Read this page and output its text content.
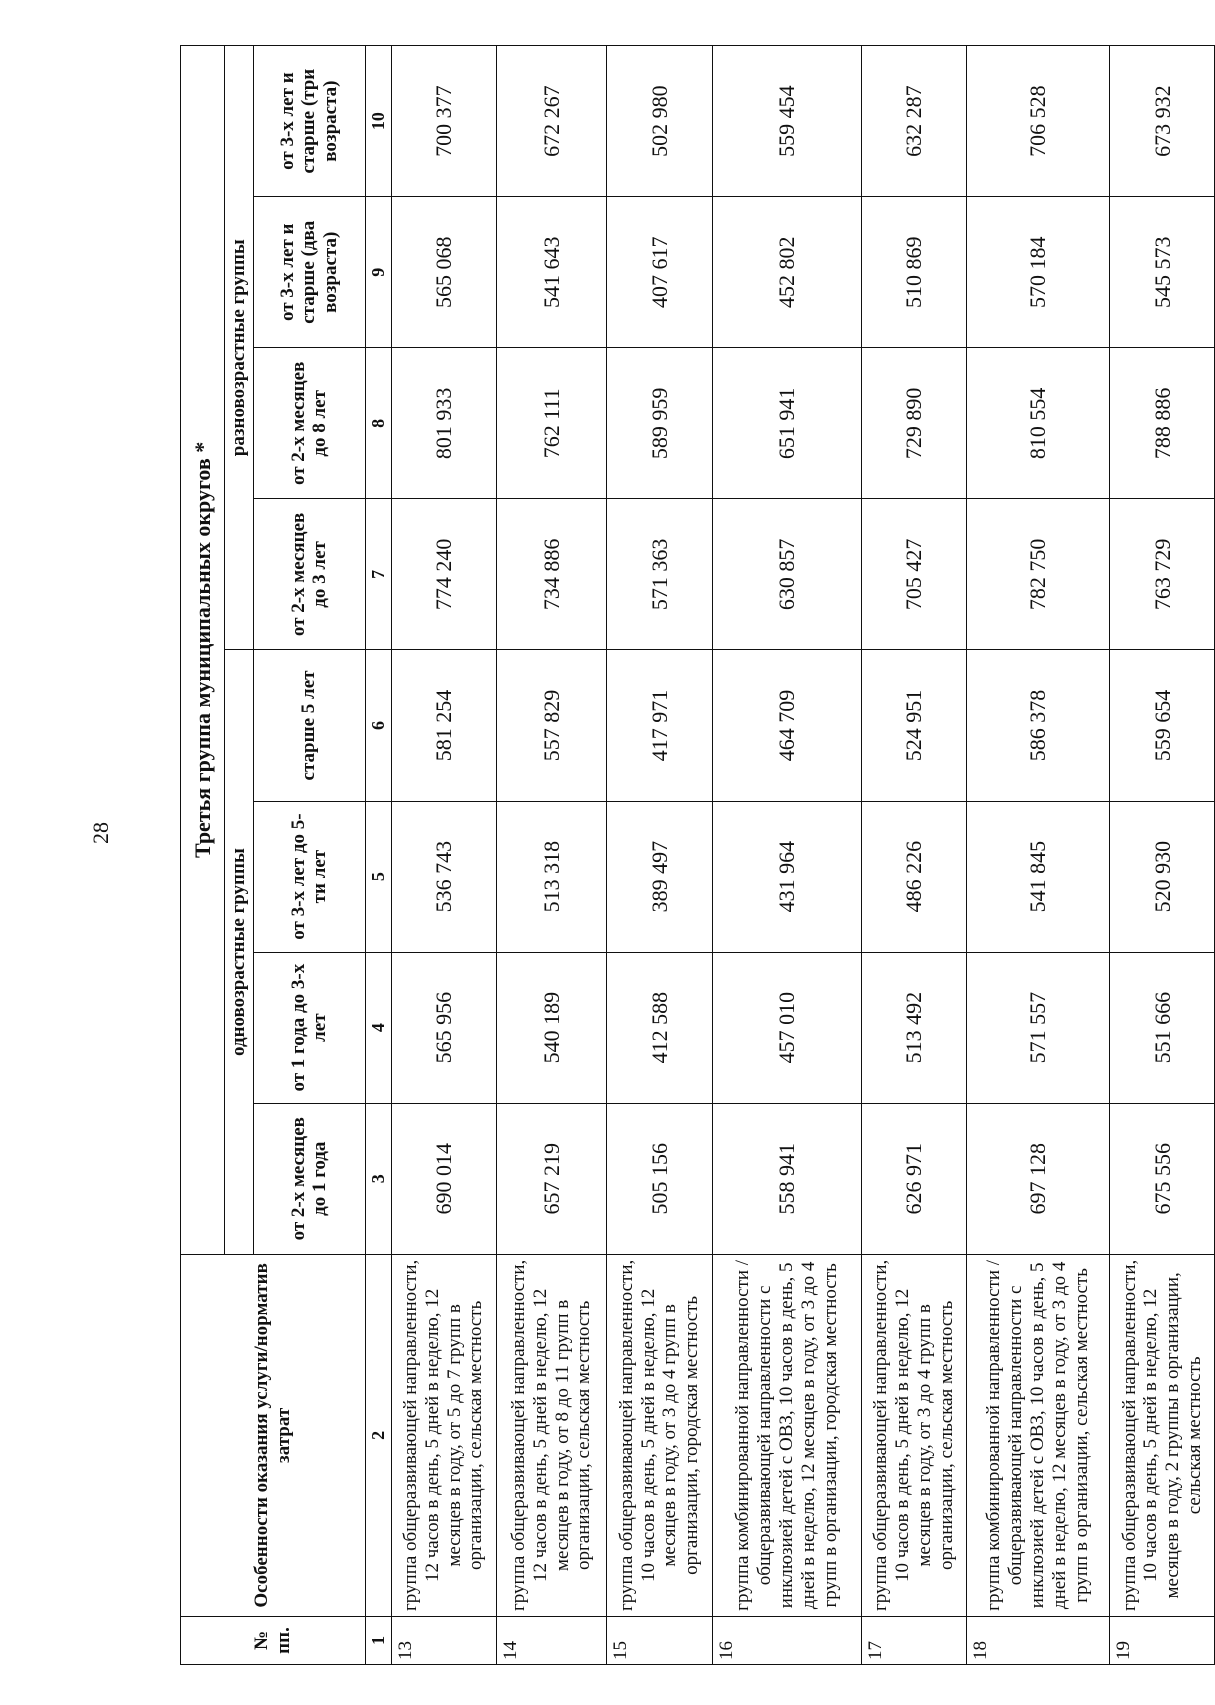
28
№ пп.	Особенности оказания услуги/норматив затрат	Третья группа муниципальных округов *							
		одновозрастные группы				разновозрастные группы			
		от 2-х месяцев до 1 года	от 1 года до 3-х лет	от 3-х лет до 5-ти лет	старше 5 лет	от 2-х месяцев до 3 лет	от 2-х месяцев до 8 лет	от 3-х лет и старше (два возраста)	от 3-х лет и старше (три возраста)
1	2	3	4	5	6	7	8	9	10
13	группа общеразвивающей направленности, 12 часов в день, 5 дней в неделю, 12 месяцев в году, от 5 до 7 групп в организации, сельская местность	690 014	565 956	536 743	581 254	774 240	801 933	565 068	700 377
14	группа общеразвивающей направленности, 12 часов в день, 5 дней в неделю, 12 месяцев в году, от 8 до 11 групп в организации, сельская местность	657 219	540 189	513 318	557 829	734 886	762 111	541 643	672 267
15	группа общеразвивающей направленности, 10 часов в день, 5 дней в неделю, 12 месяцев в году, от 3 до 4 групп в организации, городская местность	505 156	412 588	389 497	417 971	571 363	589 959	407 617	502 980
16	группа комбинированной направленности / общеразвивающей направленности с инклюзией детей с ОВЗ, 10 часов в день, 5 дней в неделю, 12 месяцев в году, от 3 до 4 групп в организации, городская местность	558 941	457 010	431 964	464 709	630 857	651 941	452 802	559 454
17	группа общеразвивающей направленности, 10 часов в день, 5 дней в неделю, 12 месяцев в году, от 3 до 4 групп в организации, сельская местность	626 971	513 492	486 226	524 951	705 427	729 890	510 869	632 287
18	группа комбинированной направленности / общеразвивающей направленности с инклюзией детей с ОВЗ, 10 часов в день, 5 дней в неделю, 12 месяцев в году, от 3 до 4 групп в организации, сельская местность	697 128	571 557	541 845	586 378	782 750	810 554	570 184	706 528
19	группа общеразвивающей направленности, 10 часов в день, 5 дней в неделю, 12 месяцев в году, 2 группы в организации, сельская местность	675 556	551 666	520 930	559 654	763 729	788 886	545 573	673 932
